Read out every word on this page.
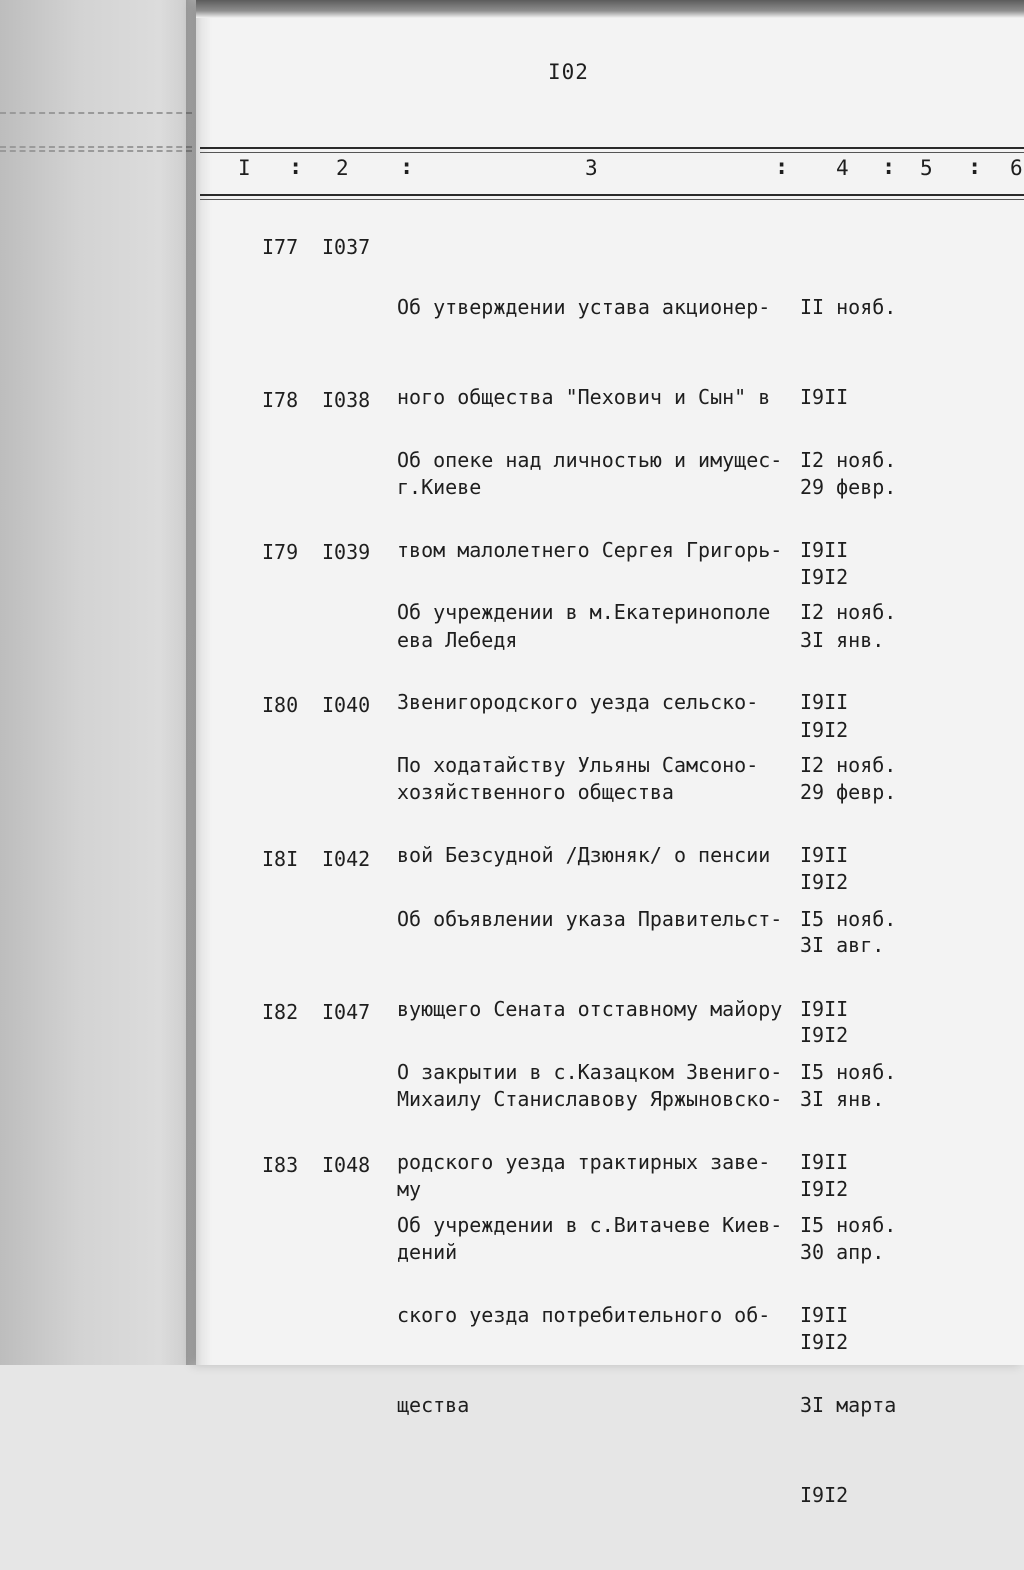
I02
I : 2 :	3	: 4 : 5 : 6
I77 I037

Об утверждении устава акционер-

ного общества "Пехович и Сын" в

г.Киеве

II нояб.

I9II

29 февр.

I9I2

I78 I038

Об опеке над личностью и имущес-

твом малолетнего Сергея Григорь-

ева Лебедя

I2 нояб.

I9II

3I янв.

I9I2

I79 I039

Об учреждении в м.Екатеринополе

Звенигородского уезда сельско-

хозяйственного общества

I2 нояб.

I9II

29 февр.

I9I2

I80 I040

По ходатайству Ульяны Самсоно-

вой Безсудной /Дзюняк/ о пенсии

I2 нояб.

I9II

3I авг.

I9I2

I8I I042

Об объявлении указа Правительст-

вующего Сената отставному майору

Михаилу Станиславову Яржыновско-

му

I5 нояб.

I9II

3I янв.

I9I2

I82 I047

О закрытии в с.Казацком Звениго-

родского уезда трактирных заве-

дений

I5 нояб.

I9II

30 апр.

I9I2

I83 I048

Об учреждении в с.Витачеве Киев-

ского уезда потребительного об-

щества

I5 нояб.

I9II

3I марта

I9I2
